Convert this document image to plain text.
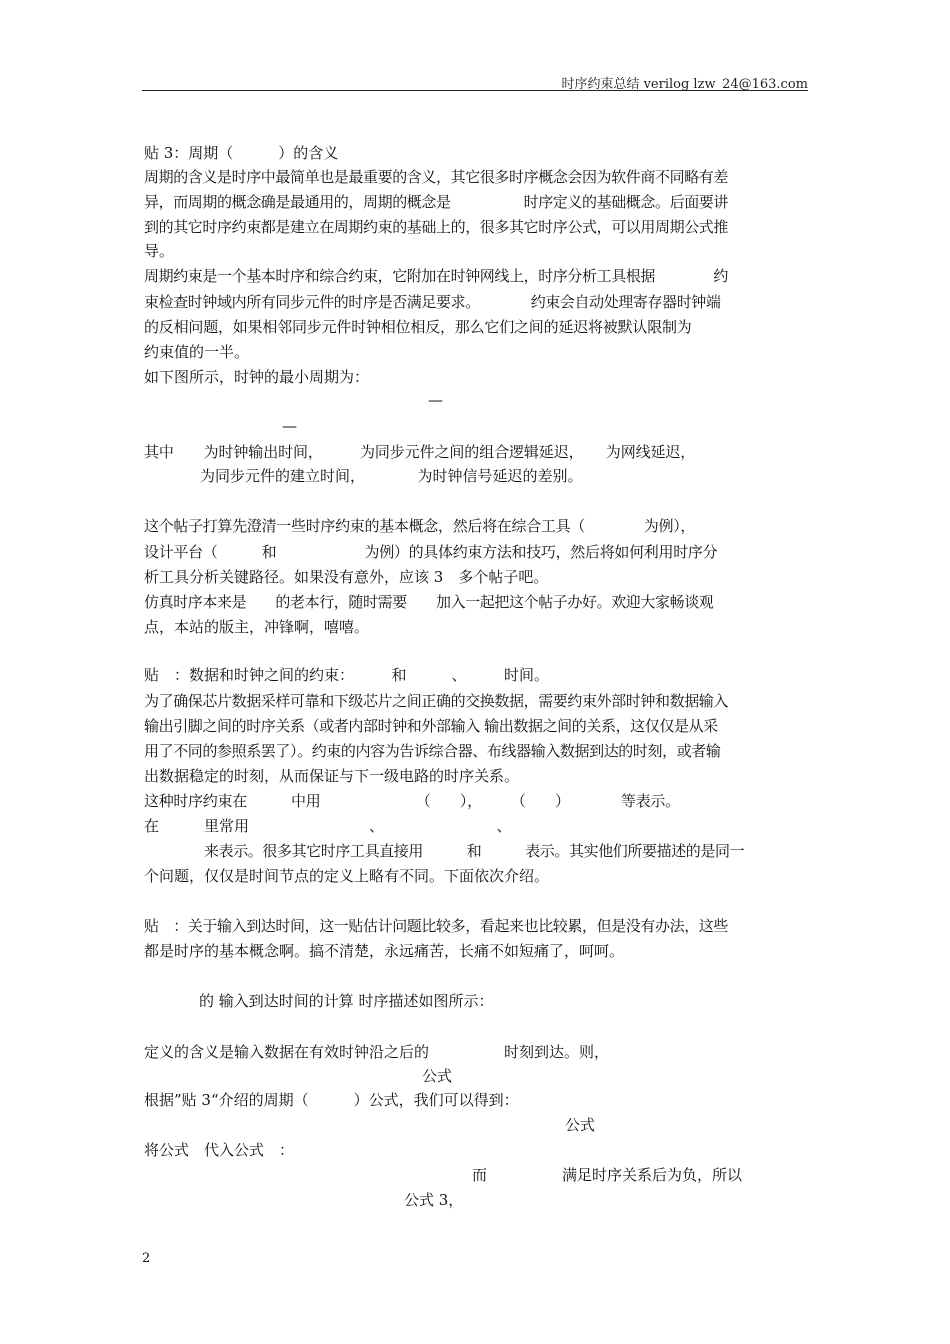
时序约束总结 verilog lzw_24@163.com
贴 3：周期（　　　）的含义
周期的含义是时序中最简单也是最重要的含义，其它很多时序概念会因为软件商不同略有差
异，而周期的概念确是最通用的，周期的概念是　　　　　时序定义的基础概念。后面要讲
到的其它时序约束都是建立在周期约束的基础上的，很多其它时序公式，可以用周期公式推
导。
周期约束是一个基本时序和综合约束，它附加在时钟网线上，时序分析工具根据　　　　约
束检查时钟域内所有同步元件的时序是否满足要求。　　　　约束会自动处理寄存器时钟端
的反相问题，如果相邻同步元件时钟相位相反，那么它们之间的延迟将被默认限制为
约束值的一半。
如下图所示，时钟的最小周期为：
—
—
其中　　为时钟输出时间，　　　为同步元件之间的组合逻辑延迟，　　为网线延迟，
为同步元件的建立时间，　　　　为时钟信号延迟的差别。
这个帖子打算先澄清一些时序约束的基本概念，然后将在综合工具（　　　　为例），
设计平台（　　　和　　　　　　为例）的具体约束方法和技巧，然后将如何利用时序分
析工具分析关键路径。如果没有意外，应该 3　多个帖子吧。
仿真时序本来是　　的老本行，随时需要　　加入一起把这个帖子办好。欢迎大家畅谈观
点，本站的版主，冲锋啊，嘻嘻。
贴　：数据和时钟之间的约束：　　　和　　　、　　　时间。
为了确保芯片数据采样可靠和下级芯片之间正确的交换数据，需要约束外部时钟和数据输入
输出引脚之间的时序关系（或者内部时钟和外部输入 输出数据之间的关系，这仅仅是从采
用了不同的参照系罢了）。约束的内容为告诉综合器、布线器输入数据到达的时刻，或者输
出数据稳定的时刻，从而保证与下一级电路的时序关系。
这种时序约束在　　　中用　　　　　　　（　　），　　　（　　）　　　　等表示。
在　　　里常用　　　　　　　　、　　　　　　　　、
来表示。很多其它时序工具直接用　　　和　　　表示。其实他们所要描述的是同一
个问题，仅仅是时间节点的定义上略有不同。下面依次介绍。
贴　：关于输入到达时间，这一贴估计问题比较多，看起来也比较累，但是没有办法，这些
都是时序的基本概念啊。搞不清楚，永远痛苦，长痛不如短痛了，呵呵。
的 输入到达时间的计算 时序描述如图所示：
定义的含义是输入数据在有效时钟沿之后的　　　　　时刻到达。则，
公式
根据”贴 3“介绍的周期（　　　）公式，我们可以得到：
公式
将公式　代入公式　：
而　　　　　满足时序关系后为负，所以
公式 3，
2
